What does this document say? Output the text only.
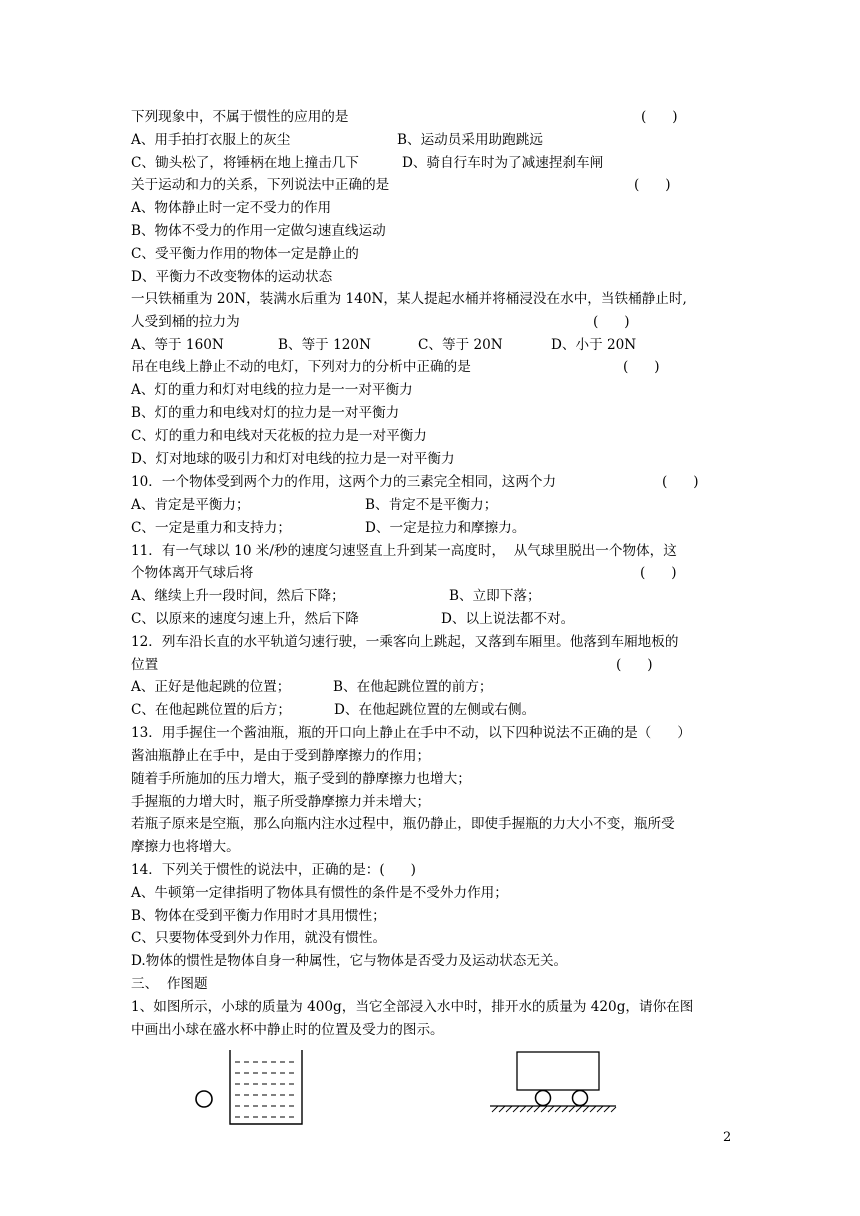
下列现象中，不属于惯性的应用的是	(      )
A、用手拍打衣服上的灰尘	B、运动员采用助跑跳远
C、锄头松了，将锤柄在地上撞击几下	D、骑自行车时为了减速捏刹车闸
关于运动和力的关系，下列说法中正确的是	(      )
A、物体静止时一定不受力的作用
B、物体不受力的作用一定做匀速直线运动
C、受平衡力作用的物体一定是静止的
D、平衡力不改变物体的运动状态
一只铁桶重为 20N，装满水后重为 140N，某人提起水桶并将桶浸没在水中，当铁桶静止时,
人受到桶的拉力为	(      )
A、等于 160N	B、等于 120N	C、等于 20N	D、小于 20N
吊在电线上静止不动的电灯，下列对力的分析中正确的是	(      )
A、灯的重力和灯对电线的拉力是一一对平衡力
B、灯的重力和电线对灯的拉力是一对平衡力
C、灯的重力和电线对天花板的拉力是一对平衡力
D、灯对地球的吸引力和灯对电线的拉力是一对平衡力
10．一个物体受到两个力的作用，这两个力的三素完全相同，这两个力	(      )
A、肯定是平衡力；	B、肯定不是平衡力；
C、一定是重力和支持力；	D、一定是拉力和摩擦力。
11．有一气球以 10 米/秒的速度匀速竖直上升到某一高度时，  从气球里脱出一个物体，这
个物体离开气球后将	(      )
A、继续上升一段时间，然后下降；	B、立即下落；
C、以原来的速度匀速上升，然后下降	D、以上说法都不对。
12．列车沿长直的水平轨道匀速行驶，一乘客向上跳起，又落到车厢里。他落到车厢地板的
位置	(      )
A、正好是他起跳的位置；	B、在他起跳位置的前方；
C、在他起跳位置的后方；	D、在他起跳位置的左侧或右侧。
13．用手握住一个酱油瓶，瓶的开口向上静止在手中不动，以下四种说法不正确的是（      ）
酱油瓶静止在手中，是由于受到静摩擦力的作用；
随着手所施加的压力增大，瓶子受到的静摩擦力也增大；
手握瓶的力增大时，瓶子所受静摩擦力并未增大；
若瓶子原来是空瓶，那么向瓶内注水过程中，瓶仍静止，即使手握瓶的力大小不变，瓶所受
摩擦力也将增大。
14．下列关于惯性的说法中，正确的是：(      )
A、牛顿第一定律指明了物体具有惯性的条件是不受外力作用；
B、物体在受到平衡力作用时才具用惯性；
C、只要物体受到外力作用，就没有惯性。
D.物体的惯性是物体自身一种属性，它与物体是否受力及运动状态无关。
三、  作图题
1、如图所示，小球的质量为 400g，当它全部浸入水中时，排开水的质量为 420g，请你在图
中画出小球在盛水杯中静止时的位置及受力的图示。
2
